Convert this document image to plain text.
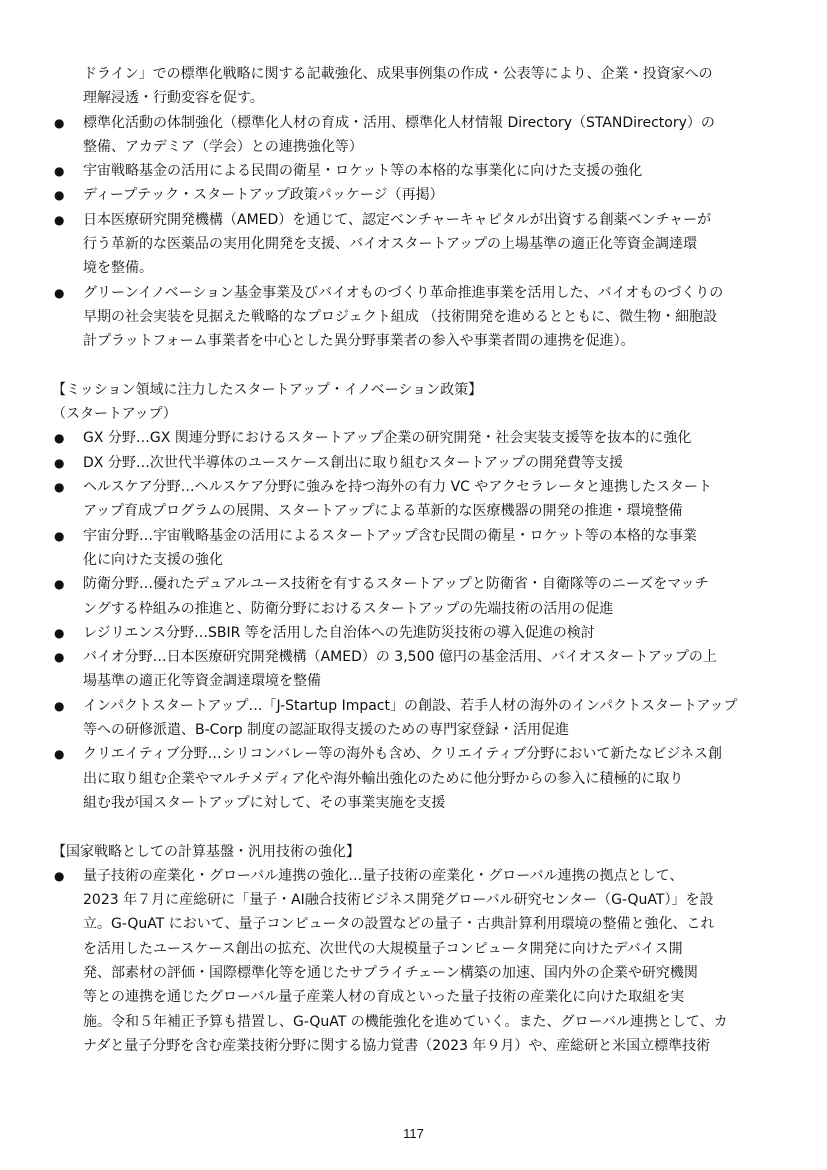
ドライン」での標準化戦略に関する記載強化、成果事例集の作成・公表等により、企業・投資家への
理解浸透・行動変容を促す。
●	標準化活動の体制強化（標準化人材の育成・活用、標準化人材情報 Directory（STANDirectory）の
整備、アカデミア（学会）との連携強化等）
●	宇宙戦略基金の活用による民間の衛星・ロケット等の本格的な事業化に向けた支援の強化
●	ディープテック・スタートアップ政策パッケージ（再掲）
●	日本医療研究開発機構（AMED）を通じて、認定ベンチャーキャピタルが出資する創薬ベンチャーが
行う革新的な医薬品の実用化開発を支援、バイオスタートアップの上場基準の適正化等資金調達環
境を整備。
●	グリーンイノベーション基金事業及びバイオものづくり革命推進事業を活用した、バイオものづくりの
早期の社会実装を見据えた戦略的なプロジェクト組成 （技術開発を進めるとともに、微生物・細胞設
計プラットフォーム事業者を中心とした異分野事業者の参入や事業者間の連携を促進）。
【ミッション領域に注力したスタートアップ・イノベーション政策】
（スタートアップ）
●	GX 分野…GX 関連分野におけるスタートアップ企業の研究開発・社会実装支援等を抜本的に強化
●	DX 分野…次世代半導体のユースケース創出に取り組むスタートアップの開発費等支援
●	ヘルスケア分野…ヘルスケア分野に強みを持つ海外の有力 VC やアクセラレータと連携したスタート
アップ育成プログラムの展開、スタートアップによる革新的な医療機器の開発の推進・環境整備
●	宇宙分野…宇宙戦略基金の活用によるスタートアップ含む民間の衛星・ロケット等の本格的な事業
化に向けた支援の強化
●	防衛分野…優れたデュアルユース技術を有するスタートアップと防衛省・自衛隊等のニーズをマッチ
ングする枠組みの推進と、防衛分野におけるスタートアップの先端技術の活用の促進
●	レジリエンス分野…SBIR 等を活用した自治体への先進防災技術の導入促進の検討
●	バイオ分野…日本医療研究開発機構（AMED）の 3,500 億円の基金活用、バイオスタートアップの上
場基準の適正化等資金調達環境を整備
●	インパクトスタートアップ…「J-Startup Impact」の創設、若手人材の海外のインパクトスタートアップ
等への研修派遣、B-Corp 制度の認証取得支援のための専門家登録・活用促進
●	クリエイティブ分野…シリコンバレー等の海外も含め、クリエイティブ分野において新たなビジネス創
出に取り組む企業やマルチメディア化や海外輸出強化のために他分野からの参入に積極的に取り
組む我が国スタートアップに対して、その事業実施を支援
【国家戦略としての計算基盤・汎用技術の強化】
●	量子技術の産業化・グローバル連携の強化…量子技術の産業化・グローバル連携の拠点として、
2023 年７月に産総研に「量子・AI融合技術ビジネス開発グローバル研究センター（G-QuAT）」を設
立。G-QuAT において、量子コンピュータの設置などの量子・古典計算利用環境の整備と強化、これ
を活用したユースケース創出の拡充、次世代の大規模量子コンピュータ開発に向けたデバイス開
発、部素材の評価・国際標準化等を通じたサプライチェーン構築の加速、国内外の企業や研究機関
等との連携を通じたグローバル量子産業人材の育成といった量子技術の産業化に向けた取組を実
施。令和５年補正予算も措置し、G-QuAT の機能強化を進めていく。また、グローバル連携として、カ
ナダと量子分野を含む産業技術分野に関する協力覚書（2023 年９月）や、産総研と米国立標準技術
117
